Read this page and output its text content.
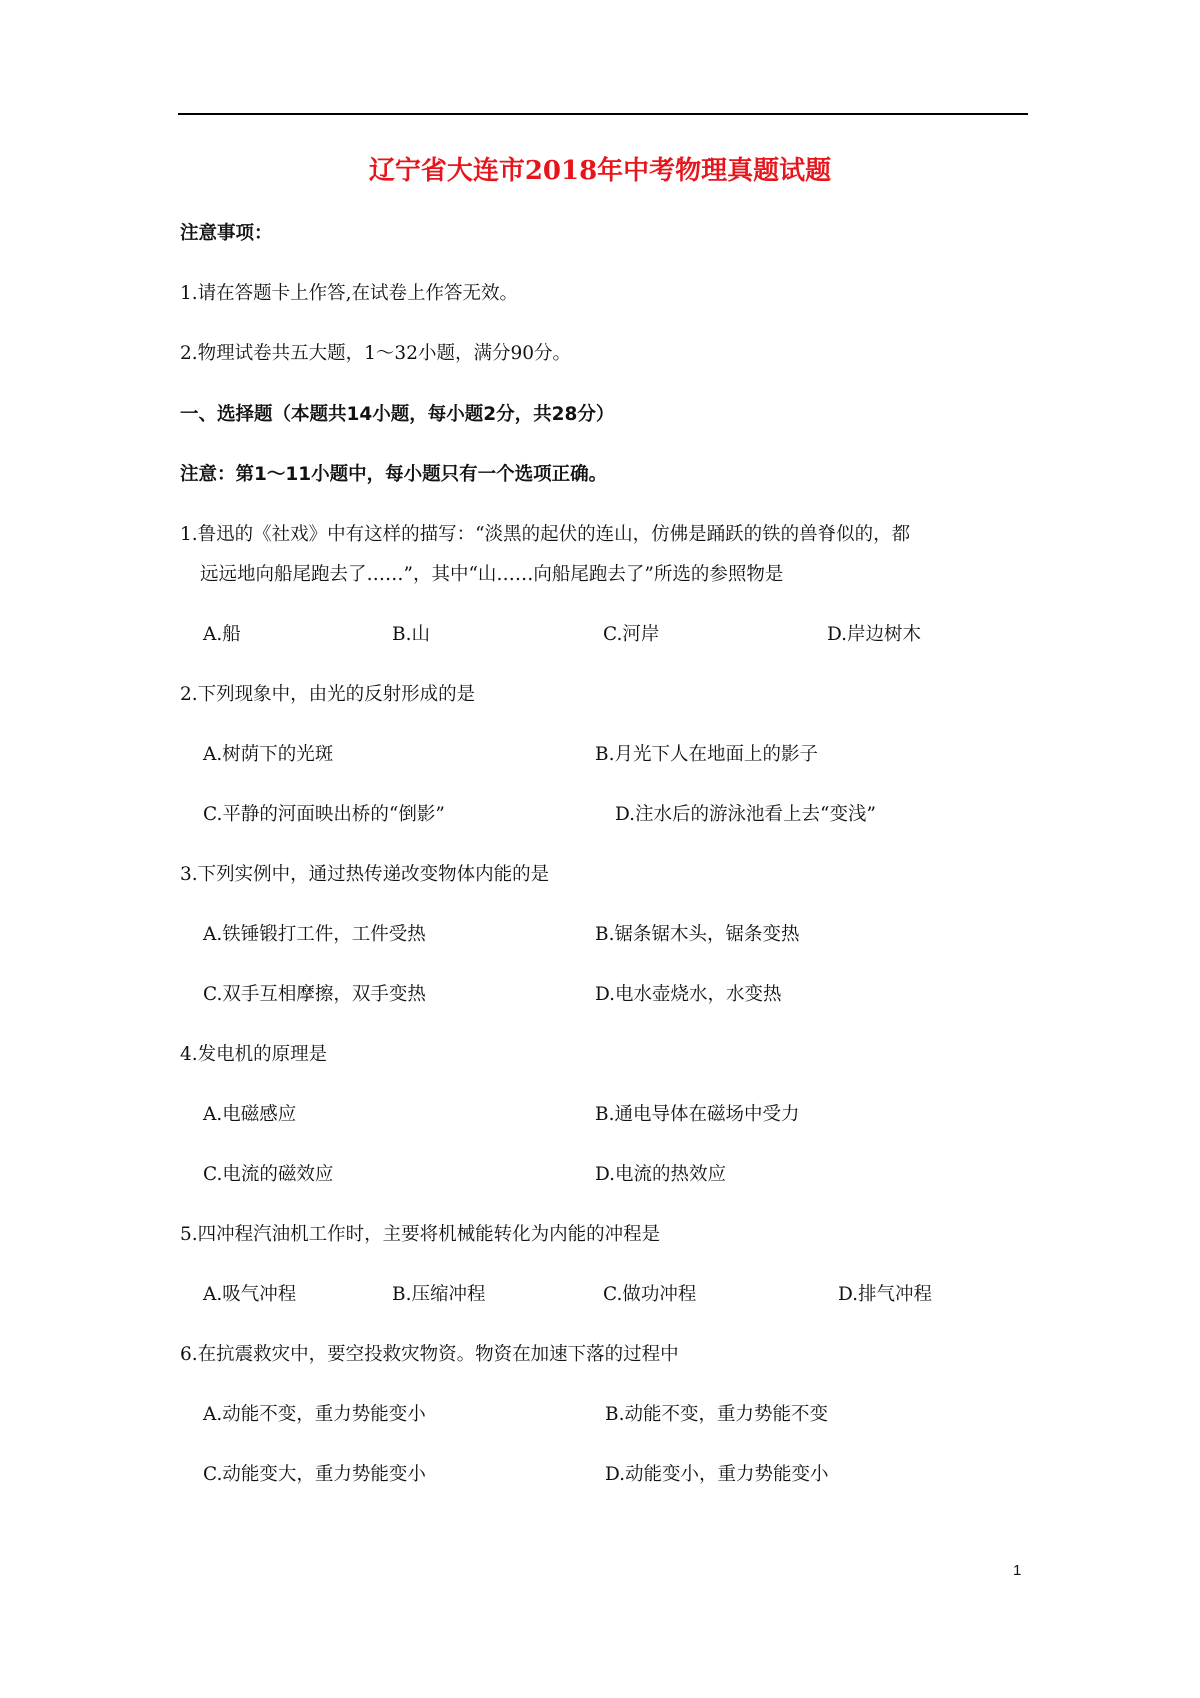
辽宁省大连市2018年中考物理真题试题
注意事项：
1.请在答题卡上作答,在试卷上作答无效。
2.物理试卷共五大题，1～32小题，满分90分。
一、选择题（本题共14小题，每小题2分，共28分）
注意：第1～11小题中，每小题只有一个选项正确。
1.鲁迅的《社戏》中有这样的描写：“淡黑的起伏的连山，仿佛是踊跃的铁的兽脊似的，都
远远地向船尾跑去了……”，其中“山……向船尾跑去了”所选的参照物是
A.船	B.山	C.河岸	D.岸边树木
2.下列现象中，由光的反射形成的是
A.树荫下的光斑	B.月光下人在地面上的影子
C.平静的河面映出桥的“倒影”	D.注水后的游泳池看上去“变浅”
3.下列实例中，通过热传递改变物体内能的是
A.铁锤锻打工件，工件受热	B.锯条锯木头，锯条变热
C.双手互相摩擦，双手变热	D.电水壶烧水，水变热
4.发电机的原理是
A.电磁感应	B.通电导体在磁场中受力
C.电流的磁效应	D.电流的热效应
5.四冲程汽油机工作时，主要将机械能转化为内能的冲程是
A.吸气冲程	B.压缩冲程	C.做功冲程	D.排气冲程
6.在抗震救灾中，要空投救灾物资。物资在加速下落的过程中
A.动能不变，重力势能变小	B.动能不变，重力势能不变
C.动能变大，重力势能变小	D.动能变小，重力势能变小
1
